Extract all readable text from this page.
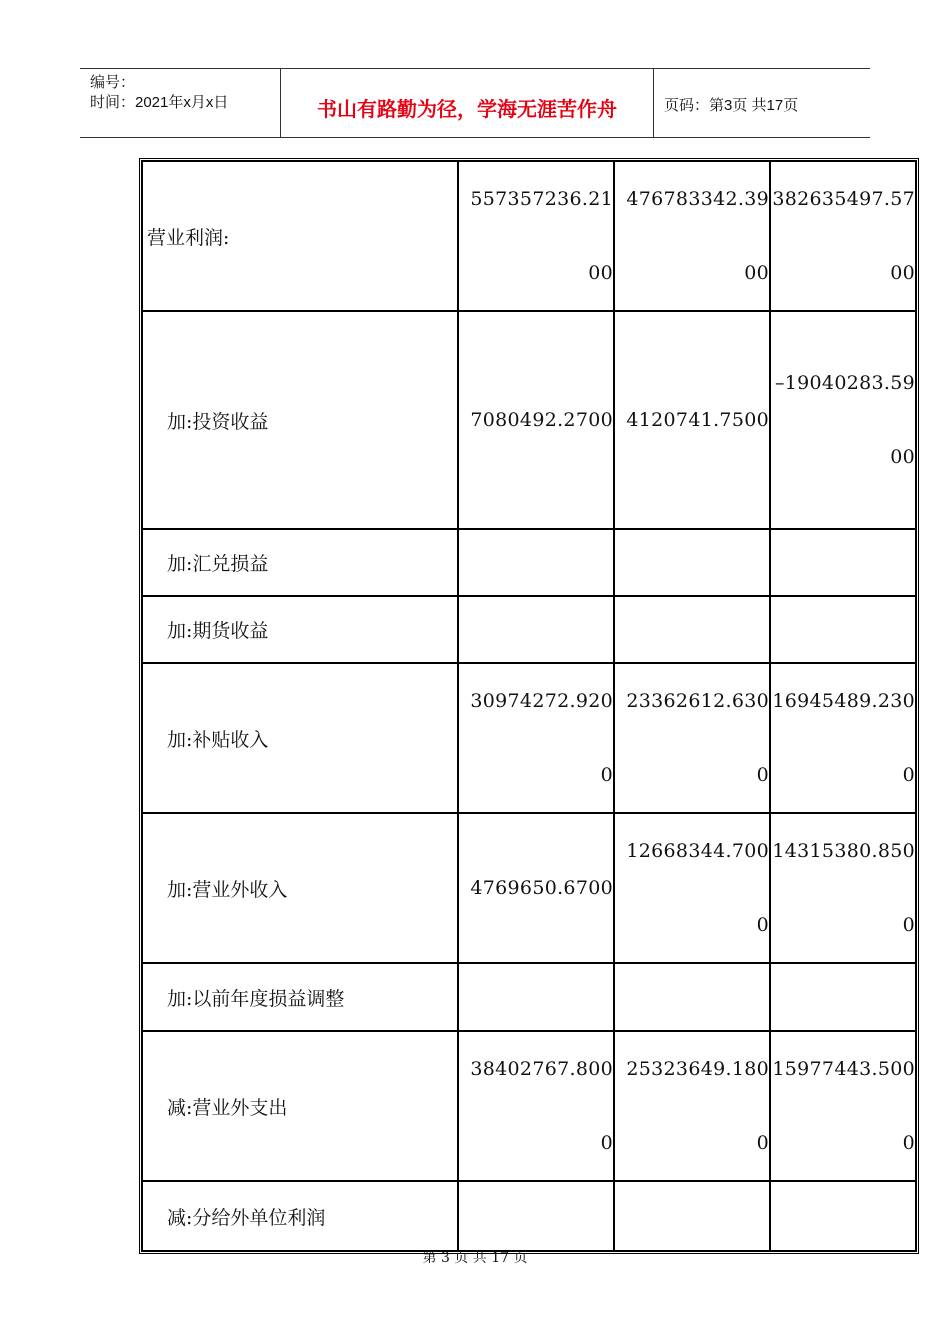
编号：
时间：2021年x月x日	书山有路勤为径，学海无涯苦作舟	页码：第3页 共17页
营业利润:	557357236.2100	476783342.3900	382635497.5700
加:投资收益	7080492.2700	4120741.7500	–19040283.5900
加:汇兑损益			
加:期货收益			
加:补贴收入	30974272.9200	23362612.6300	16945489.2300
加:营业外收入	4769650.6700	12668344.7000	14315380.8500
加:以前年度损益调整			
减:营业外支出	38402767.8000	25323649.1800	15977443.5000
减:分给外单位利润			
第 3 页 共 17 页
